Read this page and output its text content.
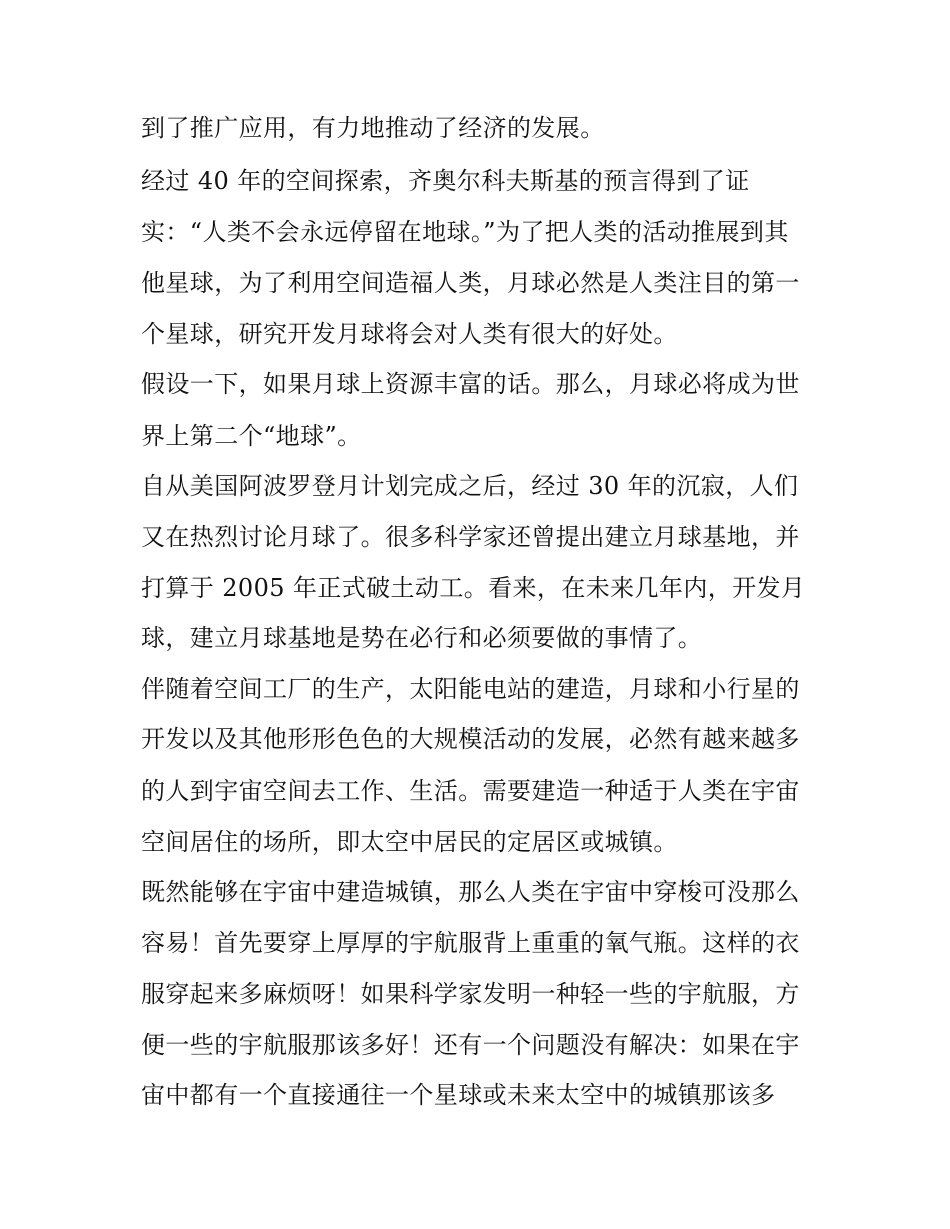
到了推广应用，有力地推动了经济的发展。

经过 40 年的空间探索，齐奥尔科夫斯基的预言得到了证

实：“人类不会永远停留在地球。”为了把人类的活动推展到其

他星球，为了利用空间造福人类，月球必然是人类注目的第一

个星球，研究开发月球将会对人类有很大的好处。

假设一下，如果月球上资源丰富的话。那么，月球必将成为世

界上第二个“地球”。

自从美国阿波罗登月计划完成之后，经过 30 年的沉寂，人们

又在热烈讨论月球了。很多科学家还曾提出建立月球基地，并

打算于 2005 年正式破土动工。看来，在未来几年内，开发月

球，建立月球基地是势在必行和必须要做的事情了。

伴随着空间工厂的生产，太阳能电站的建造，月球和小行星的

开发以及其他形形色色的大规模活动的发展，必然有越来越多

的人到宇宙空间去工作、生活。需要建造一种适于人类在宇宙

空间居住的场所，即太空中居民的定居区或城镇。

既然能够在宇宙中建造城镇，那么人类在宇宙中穿梭可没那么

容易！首先要穿上厚厚的宇航服背上重重的氧气瓶。这样的衣

服穿起来多麻烦呀！如果科学家发明一种轻一些的宇航服，方

便一些的宇航服那该多好！还有一个问题没有解决：如果在宇

宙中都有一个直接通往一个星球或未来太空中的城镇那该多
